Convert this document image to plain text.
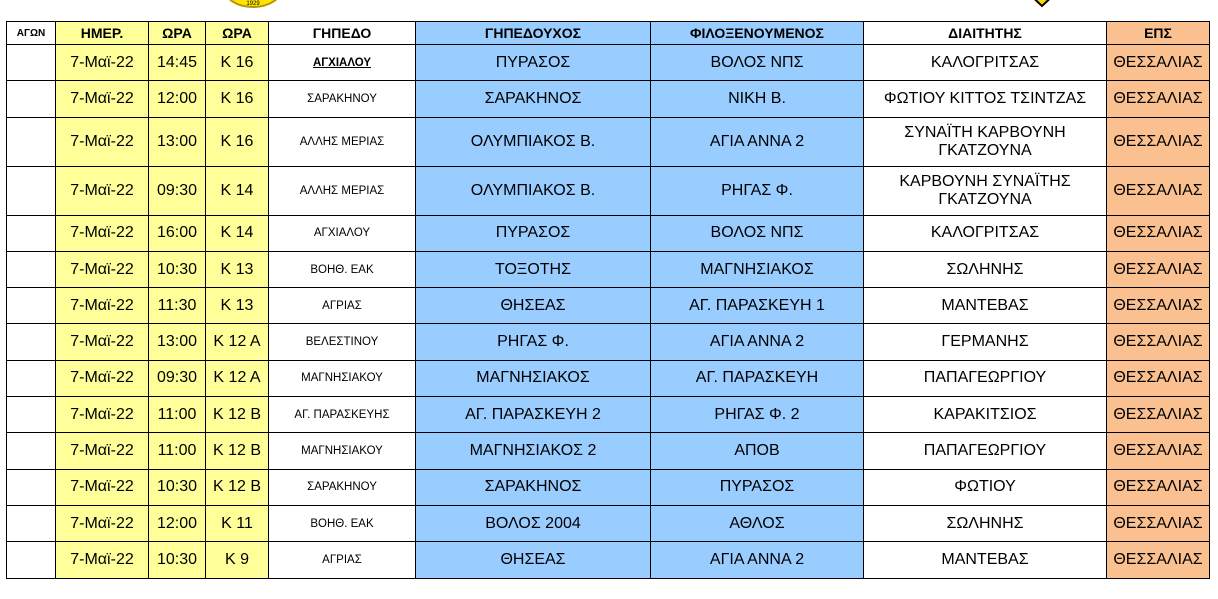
1929
ΑΓΩΝ	ΗΜΕΡ.	ΩΡΑ	ΩΡΑ	ΓΗΠΕΔΟ	ΓΗΠΕΔΟΥΧΟΣ	ΦΙΛΟΞΕΝΟΥΜΕΝΟΣ	ΔΙΑΙΤΗΤΗΣ	ΕΠΣ
	7-Μαϊ-22	14:45	Κ 16	ΑΓΧΙΑΛΟΥ	ΠΥΡΑΣΟΣ	ΒΟΛΟΣ ΝΠΣ	ΚΑΛΟΓΡΙΤΣΑΣ	ΘΕΣΣΑΛΙΑΣ
	7-Μαϊ-22	12:00	Κ 16	ΣΑΡΑΚΗΝΟΥ	ΣΑΡΑΚΗΝΟΣ	ΝΙΚΗ Β.	ΦΩΤΙΟΥ ΚΙΤΤΟΣ ΤΣΙΝΤΖΑΣ	ΘΕΣΣΑΛΙΑΣ
	7-Μαϊ-22	13:00	Κ 16	ΑΛΛΗΣ ΜΕΡΙΑΣ	ΟΛΥΜΠΙΑΚΟΣ Β.	ΑΓΙΑ ΑΝΝΑ 2	ΣΥΝΑΪΤΗ ΚΑΡΒΟΥΝΗ ΓΚΑΤΖΟΥΝΑ	ΘΕΣΣΑΛΙΑΣ
	7-Μαϊ-22	09:30	Κ 14	ΑΛΛΗΣ ΜΕΡΙΑΣ	ΟΛΥΜΠΙΑΚΟΣ Β.	ΡΗΓΑΣ Φ.	ΚΑΡΒΟΥΝΗ ΣΥΝΑΪΤΗΣ ΓΚΑΤΖΟΥΝΑ	ΘΕΣΣΑΛΙΑΣ
	7-Μαϊ-22	16:00	Κ 14	ΑΓΧΙΑΛΟΥ	ΠΥΡΑΣΟΣ	ΒΟΛΟΣ ΝΠΣ	ΚΑΛΟΓΡΙΤΣΑΣ	ΘΕΣΣΑΛΙΑΣ
	7-Μαϊ-22	10:30	Κ 13	ΒΟΗΘ. ΕΑΚ	ΤΟΞΟΤΗΣ	ΜΑΓΝΗΣΙΑΚΟΣ	ΣΩΛΗΝΗΣ	ΘΕΣΣΑΛΙΑΣ
	7-Μαϊ-22	11:30	Κ 13	ΑΓΡΙΑΣ	ΘΗΣΕΑΣ	ΑΓ. ΠΑΡΑΣΚΕΥΗ 1	ΜΑΝΤΕΒΑΣ	ΘΕΣΣΑΛΙΑΣ
	7-Μαϊ-22	13:00	Κ 12 Α	ΒΕΛΕΣΤΙΝΟΥ	ΡΗΓΑΣ Φ.	ΑΓΙΑ ΑΝΝΑ 2	ΓΕΡΜΑΝΗΣ	ΘΕΣΣΑΛΙΑΣ
	7-Μαϊ-22	09:30	Κ 12 Α	ΜΑΓΝΗΣΙΑΚΟΥ	ΜΑΓΝΗΣΙΑΚΟΣ	ΑΓ. ΠΑΡΑΣΚΕΥΗ	ΠΑΠΑΓΕΩΡΓΙΟΥ	ΘΕΣΣΑΛΙΑΣ
	7-Μαϊ-22	11:00	Κ 12 Β	ΑΓ. ΠΑΡΑΣΚΕΥΗΣ	ΑΓ. ΠΑΡΑΣΚΕΥΗ 2	ΡΗΓΑΣ Φ. 2	ΚΑΡΑΚΙΤΣΙΟΣ	ΘΕΣΣΑΛΙΑΣ
	7-Μαϊ-22	11:00	Κ 12 Β	ΜΑΓΝΗΣΙΑΚΟΥ	ΜΑΓΝΗΣΙΑΚΟΣ 2	ΑΠΟΒ	ΠΑΠΑΓΕΩΡΓΙΟΥ	ΘΕΣΣΑΛΙΑΣ
	7-Μαϊ-22	10:30	Κ 12 Β	ΣΑΡΑΚΗΝΟΥ	ΣΑΡΑΚΗΝΟΣ	ΠΥΡΑΣΟΣ	ΦΩΤΙΟΥ	ΘΕΣΣΑΛΙΑΣ
	7-Μαϊ-22	12:00	Κ 11	ΒΟΗΘ. ΕΑΚ	ΒΟΛΟΣ 2004	ΑΘΛΟΣ	ΣΩΛΗΝΗΣ	ΘΕΣΣΑΛΙΑΣ
	7-Μαϊ-22	10:30	Κ 9	ΑΓΡΙΑΣ	ΘΗΣΕΑΣ	ΑΓΙΑ ΑΝΝΑ 2	ΜΑΝΤΕΒΑΣ	ΘΕΣΣΑΛΙΑΣ
